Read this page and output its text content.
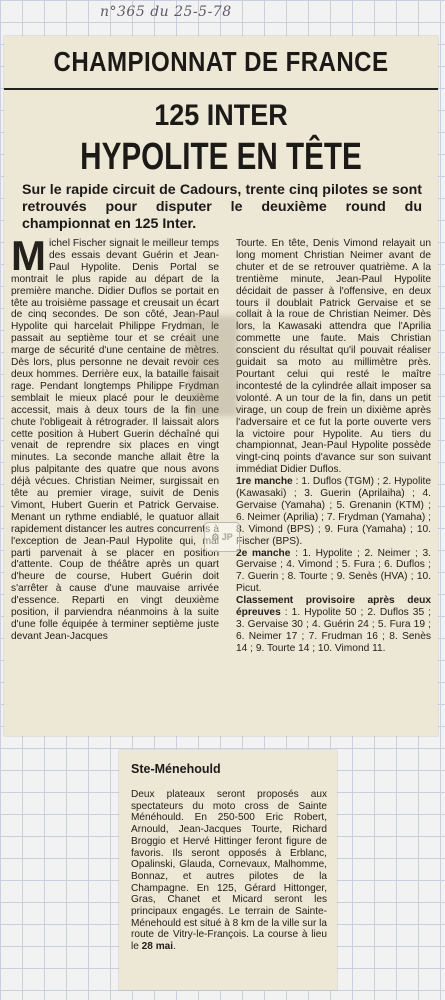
n°365 du 25-5-78
CHAMPIONNAT DE FRANCE
125 INTER
HYPOLITE EN TÊTE
Sur le rapide circuit de Cadours, trente cinq pilotes se sont retrouvés pour disputer le deuxième round du championnat en 125 Inter.

Michel Fischer signait le meilleur temps des essais devant Guérin et Jean-Paul Hypolite. Denis Portal se montrait le plus rapide au départ de la première manche. Didier Duflos se portait en tête au troisième passage et creusait un écart de cinq secondes. De son côté, Jean-Paul Hypolite qui harcelait Philippe Frydman, le passait au septième tour et se créait une marge de sécurité d'une centaine de mètres. Dès lors, plus personne ne devait revoir ces deux hommes. Derrière eux, la bataille faisait rage. Pendant longtemps Philippe Frydman semblait le mieux placé pour le deuxième accessit, mais à deux tours de la fin une chute l'obligeait à rétrograder. Il laissait alors cette position à Hubert Guerin déchaîné qui venait de reprendre six places en vingt minutes. La seconde manche allait être la plus palpitante des quatre que nous avons déjà vécues. Christian Neimer, surgissait en tête au premier virage, suivit de Denis Vimont, Hubert Guerin et Patrick Gervaise. Menant un rythme endiablé, le quatuor allait rapidement distancer les autres concurrents à l'exception de Jean-Paul Hypolite qui, mal parti parvenait à se placer en position d'attente. Coup de théâtre après un quart d'heure de course, Hubert Guérin doit s'arrêter à cause d'une mauvaise arrivée d'essence. Reparti en vingt deuxième position, il parviendra néanmoins à la suite d'une folle équipée à terminer septième juste devant Jean-Jacques

Tourte. En tête, Denis Vimond relayait un long moment Christian Neimer avant de chuter et de se retrouver quatrième. A la trentième minute, Jean-Paul Hypolite décidait de passer à l'offensive, en deux tours il doublait Patrick Gervaise et se collait à la roue de Christian Neimer. Dès lors, la Kawasaki attendra que l'Aprilia commette une faute. Mais Christian conscient du résultat qu'il pouvait réaliser guidait sa moto au millimètre près. Pourtant celui qui resté le maître incontesté de la cylindrée allait imposer sa volonté. A un tour de la fin, dans un petit virage, un coup de frein un dixième après l'adversaire et ce fut la porte ouverte vers la victoire pour Hypolite. Au tiers du championnat, Jean-Paul Hypolite possède vingt-cinq points d'avance sur son suivant immédiat Didier Duflos.

1re manche : 1. Duflos (TGM) ; 2. Hypolite (Kawasaki) ; 3. Guerin (Aprilaiha) ; 4. Gervaise (Yamaha) ; 5. Grenanin (KTM) ; 6. Neimer (Aprilia) ; 7. Frydman (Yamaha) ; 8. Vimond (BPS) ; 9. Fura (Yamaha) ; 10. Fischer (BPS).

2e manche : 1. Hypolite ; 2. Neimer ; 3. Gervaise ; 4. Vimond ; 5. Fura ; 6. Duflos ; 7. Guerin ; 8. Tourte ; 9. Senès (HVA) ; 10. Picut.

Classement provisoire après deux épreuves : 1. Hypolite 50 ; 2. Duflos 35 ; 3. Gervaise 30 ; 4. Guérin 24 ; 5. Fura 19 ; 6. Neimer 17 ; 7. Frudman 16 ; 8. Senès 14 ; 9. Tourte 14 ; 10. Vimond 11.

⚙ JP
Ste-Ménehould

Deux plateaux seront proposés aux spectateurs du moto cross de Sainte Ménéhould. En 250-500 Eric Robert, Arnould, Jean-Jacques Tourte, Richard Broggio et Hervé Hittinger feront figure de favoris. Ils seront opposés à Erblanc, Opalinski, Glauda, Cornevaux, Malhomme, Bonnaz, et autres pilotes de la Champagne. En 125, Gérard Hittonger, Gras, Chanet et Micard seront les principaux engagés. Le terrain de Sainte-Ménehould est situé à 8 km de la ville sur la route de Vitry-le-François. La course à lieu le 28 mai.
